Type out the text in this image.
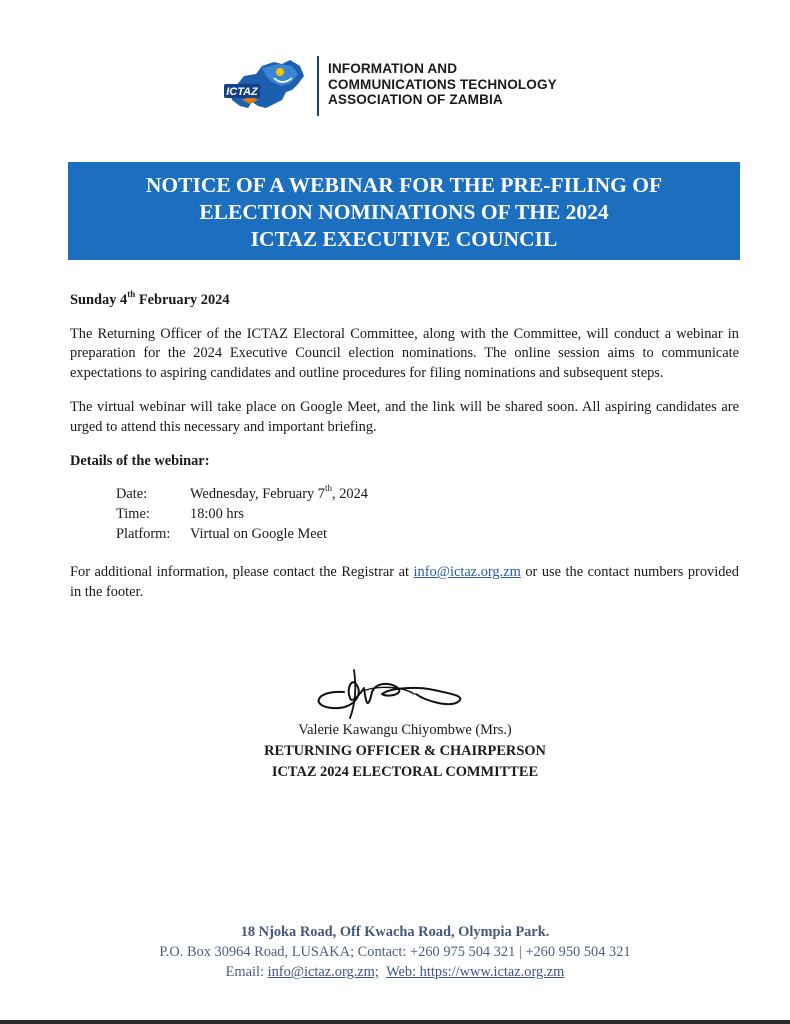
ICTAZ
INFORMATION AND
COMMUNICATIONS TECHNOLOGY
ASSOCIATION OF ZAMBIA
NOTICE OF A WEBINAR FOR THE PRE-FILING OF
ELECTION NOMINATIONS OF THE 2024
ICTAZ EXECUTIVE COUNCIL

Sunday 4th February 2024

The Returning Officer of the ICTAZ Electoral Committee, along with the Committee, will conduct a webinar in preparation for the 2024 Executive Council election nominations. The online session aims to communicate expectations to aspiring candidates and outline procedures for filing nominations and subsequent steps.

The virtual webinar will take place on Google Meet, and the link will be shared soon. All aspiring candidates are urged to attend this necessary and important briefing.

Details of the webinar:

Date:	Wednesday, February 7th, 2024
Time:	18:00 hrs
Platform:	Virtual on Google Meet

For additional information, please contact the Registrar at info@ictaz.org.zm or use the contact numbers provided in the footer.

Valerie Kawangu Chiyombwe (Mrs.)
RETURNING OFFICER & CHAIRPERSON
ICTAZ 2024 ELECTORAL COMMITTEE
18 Njoka Road, Off Kwacha Road, Olympia Park.
P.O. Box 30964 Road, LUSAKA; Contact: +260 975 504 321 | +260 950 504 321
Email: info@ictaz.org.zm; Web: https://www.ictaz.org.zm
